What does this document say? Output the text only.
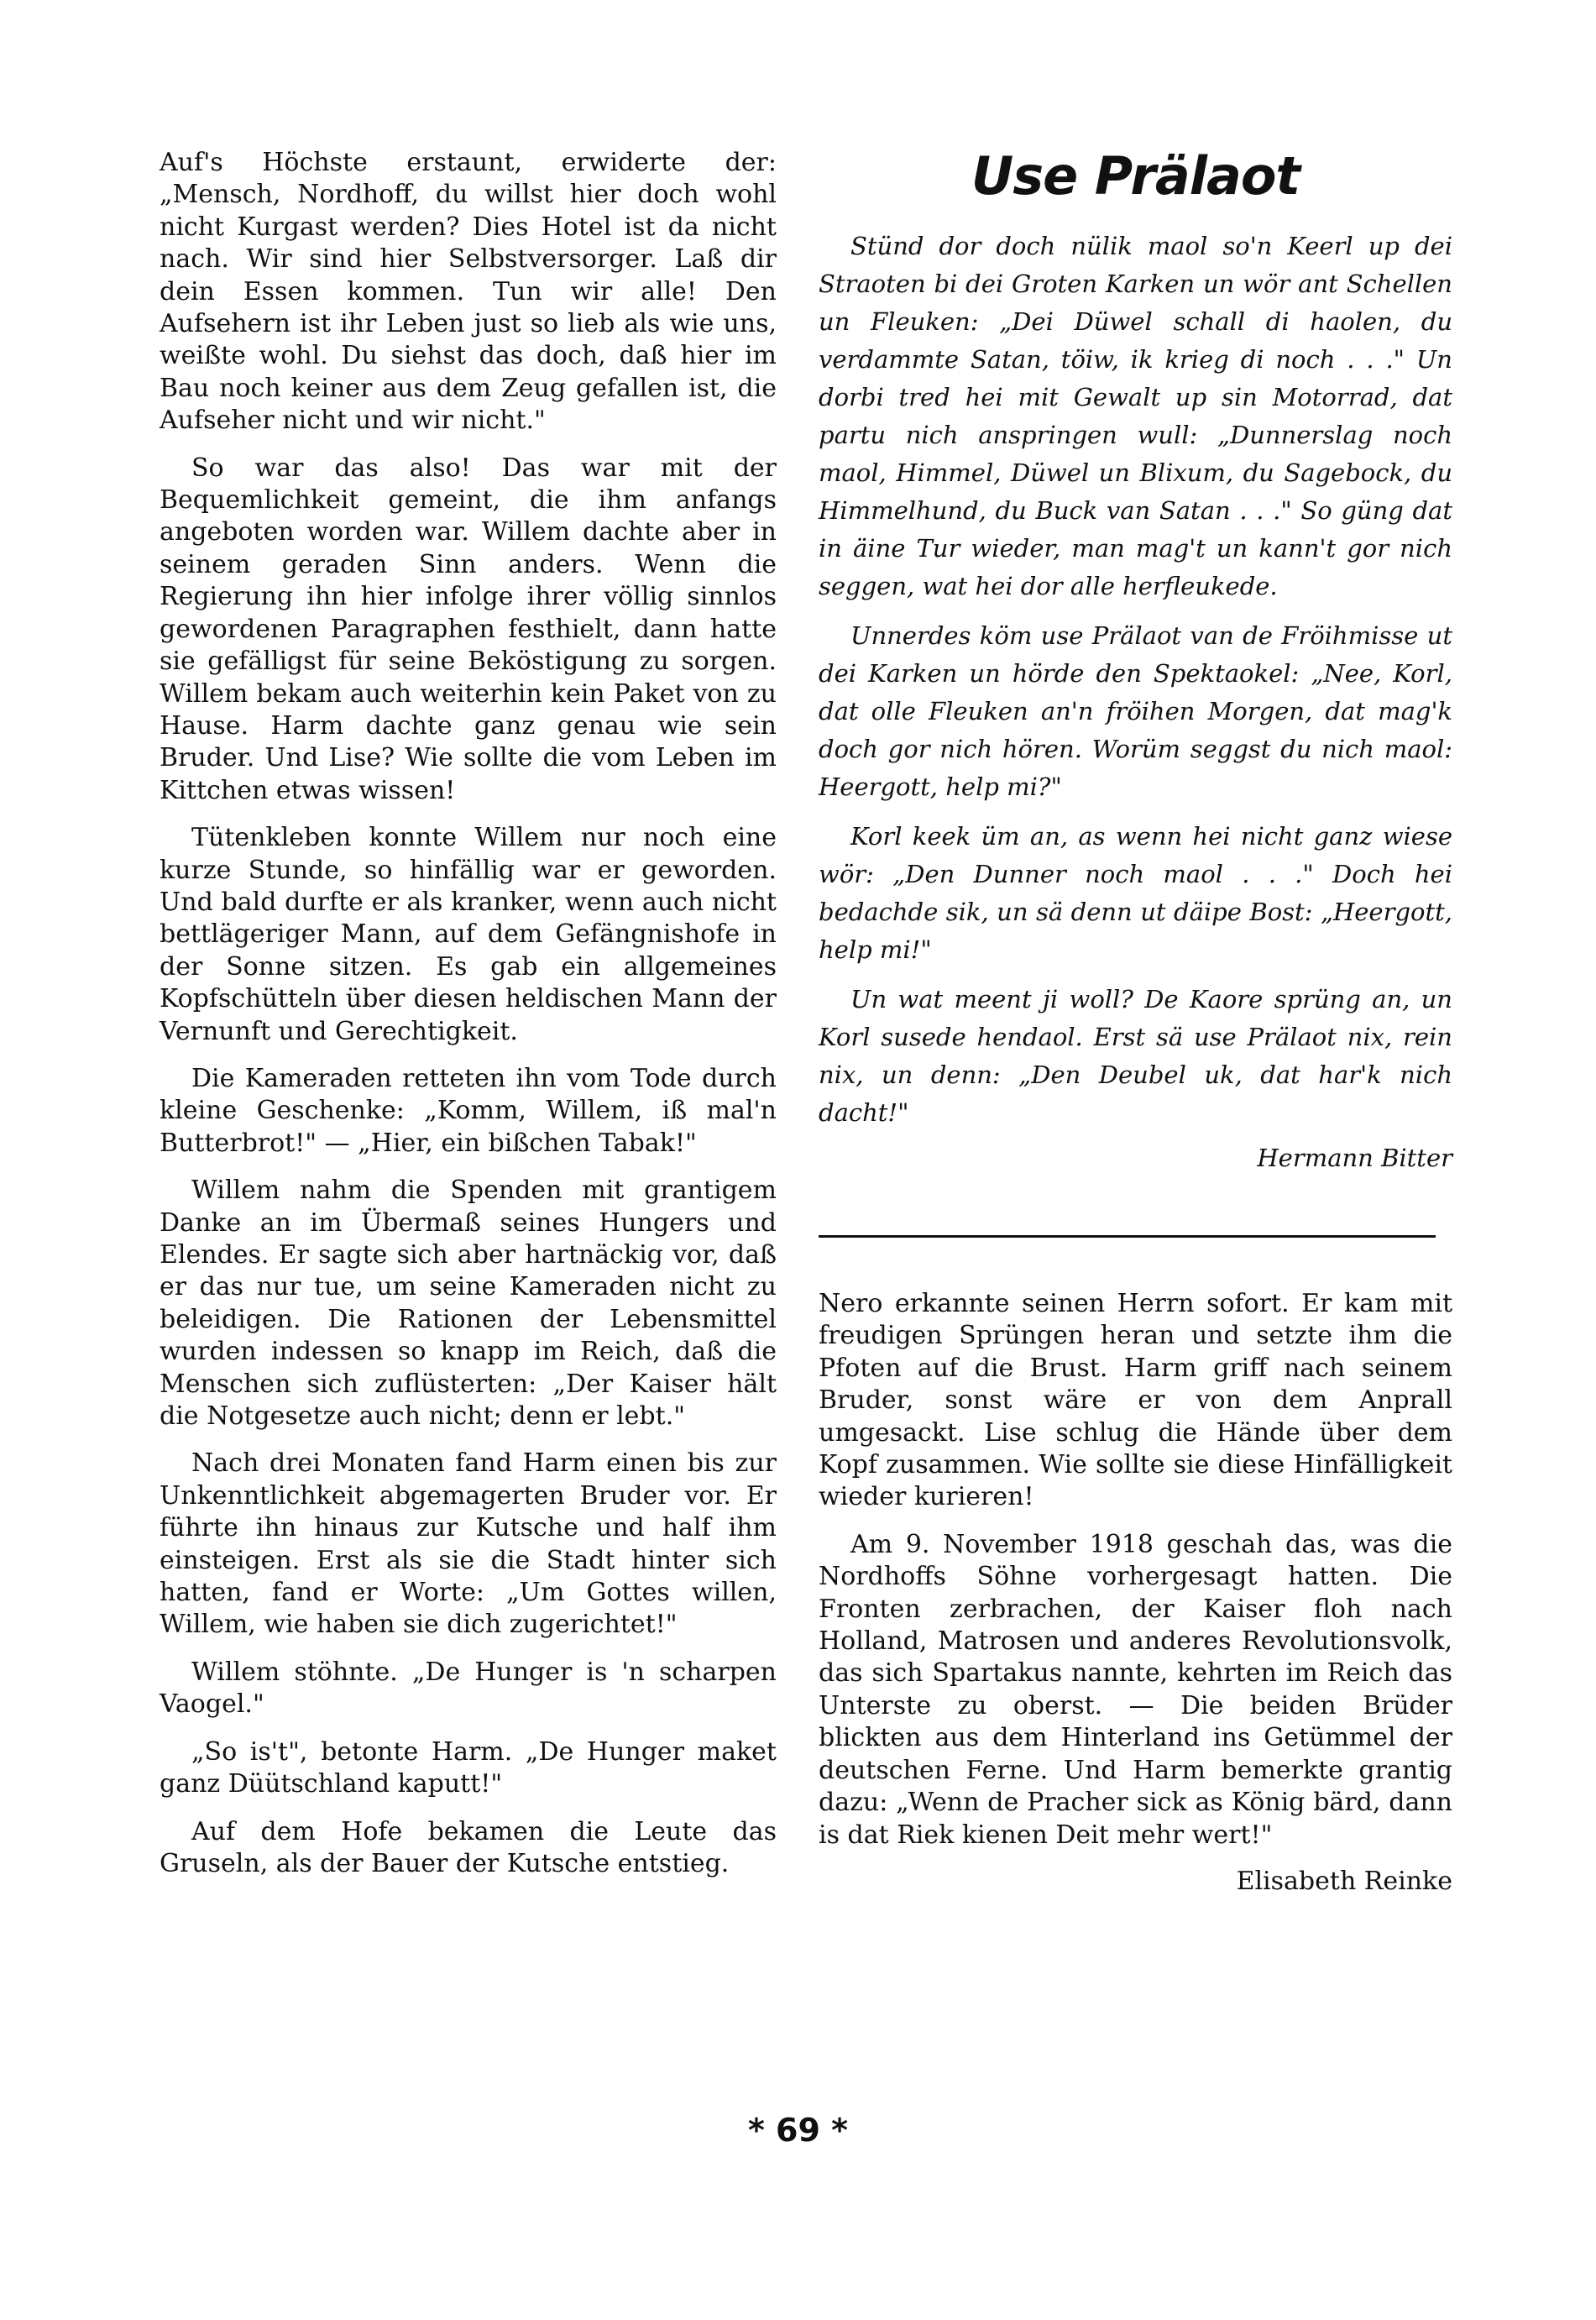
Auf's Höchste erstaunt, erwiderte der: „Mensch, Nordhoff, du willst hier doch wohl nicht Kurgast werden? Dies Hotel ist da nicht nach. Wir sind hier Selbstversorger. Laß dir dein Essen kommen. Tun wir alle! Den Aufsehern ist ihr Leben just so lieb als wie uns, weißte wohl. Du siehst das doch, daß hier im Bau noch keiner aus dem Zeug gefallen ist, die Aufseher nicht und wir nicht."

So war das also! Das war mit der Bequemlichkeit gemeint, die ihm anfangs angeboten worden war. Willem dachte aber in seinem geraden Sinn anders. Wenn die Regierung ihn hier infolge ihrer völlig sinnlos gewordenen Paragraphen festhielt, dann hatte sie gefälligst für seine Beköstigung zu sorgen. Willem bekam auch weiterhin kein Paket von zu Hause. Harm dachte ganz genau wie sein Bruder. Und Lise? Wie sollte die vom Leben im Kittchen etwas wissen!

Tütenkleben konnte Willem nur noch eine kurze Stunde, so hinfällig war er geworden. Und bald durfte er als kranker, wenn auch nicht bettlägeriger Mann, auf dem Gefängnishofe in der Sonne sitzen. Es gab ein allgemeines Kopfschütteln über diesen heldischen Mann der Vernunft und Gerechtigkeit.

Die Kameraden retteten ihn vom Tode durch kleine Geschenke: „Komm, Willem, iß mal'n Butterbrot!" — „Hier, ein bißchen Tabak!"

Willem nahm die Spenden mit grantigem Danke an im Übermaß seines Hungers und Elendes. Er sagte sich aber hartnäckig vor, daß er das nur tue, um seine Kameraden nicht zu beleidigen. Die Rationen der Lebensmittel wurden indessen so knapp im Reich, daß die Menschen sich zuflüsterten: „Der Kaiser hält die Notgesetze auch nicht; denn er lebt."

Nach drei Monaten fand Harm einen bis zur Unkenntlichkeit abgemagerten Bruder vor. Er führte ihn hinaus zur Kutsche und half ihm einsteigen. Erst als sie die Stadt hinter sich hatten, fand er Worte: „Um Gottes willen, Willem, wie haben sie dich zugerichtet!"

Willem stöhnte. „De Hunger is 'n scharpen Vaogel."

„So is't", betonte Harm. „De Hunger maket ganz Düütschland kaputt!"

Auf dem Hofe bekamen die Leute das Gruseln, als der Bauer der Kutsche entstieg.

Use Prälaot

Stünd dor doch nülik maol so'n Keerl up dei Straoten bi dei Groten Karken un wör ant Schellen un Fleuken: „Dei Düwel schall di haolen, du verdammte Satan, töiw, ik krieg di noch . . ." Un dorbi tred hei mit Gewalt up sin Motorrad, dat partu nich anspringen wull: „Dunnerslag noch maol, Himmel, Düwel un Blixum, du Sagebock, du Himmelhund, du Buck van Satan . . ." So güng dat in äine Tur wieder, man mag't un kann't gor nich seggen, wat hei dor alle herfleukede.

Unnerdes köm use Prälaot van de Fröihmisse ut dei Karken un hörde den Spektaokel: „Nee, Korl, dat olle Fleuken an'n fröihen Morgen, dat mag'k doch gor nich hören. Worüm seggst du nich maol: Heergott, help mi?"

Korl keek üm an, as wenn hei nicht ganz wiese wör: „Den Dunner noch maol . . ." Doch hei bedachde sik, un sä denn ut däipe Bost: „Heergott, help mi!"

Un wat meent ji woll? De Kaore sprüng an, un Korl susede hendaol. Erst sä use Prälaot nix, rein nix, un denn: „Den Deubel uk, dat har'k nich dacht!"

Hermann Bitter

Nero erkannte seinen Herrn sofort. Er kam mit freudigen Sprüngen heran und setzte ihm die Pfoten auf die Brust. Harm griff nach seinem Bruder, sonst wäre er von dem Anprall umgesackt. Lise schlug die Hände über dem Kopf zusammen. Wie sollte sie diese Hinfälligkeit wieder kurieren!

Am 9. November 1918 geschah das, was die Nordhoffs Söhne vorhergesagt hatten. Die Fronten zerbrachen, der Kaiser floh nach Holland, Matrosen und anderes Revolutionsvolk, das sich Spartakus nannte, kehrten im Reich das Unterste zu oberst. — Die beiden Brüder blickten aus dem Hinterland ins Getümmel der deutschen Ferne. Und Harm bemerkte grantig dazu: „Wenn de Pracher sick as König bärd, dann is dat Riek kienen Deit mehr wert!"

Elisabeth Reinke
* 69 *
